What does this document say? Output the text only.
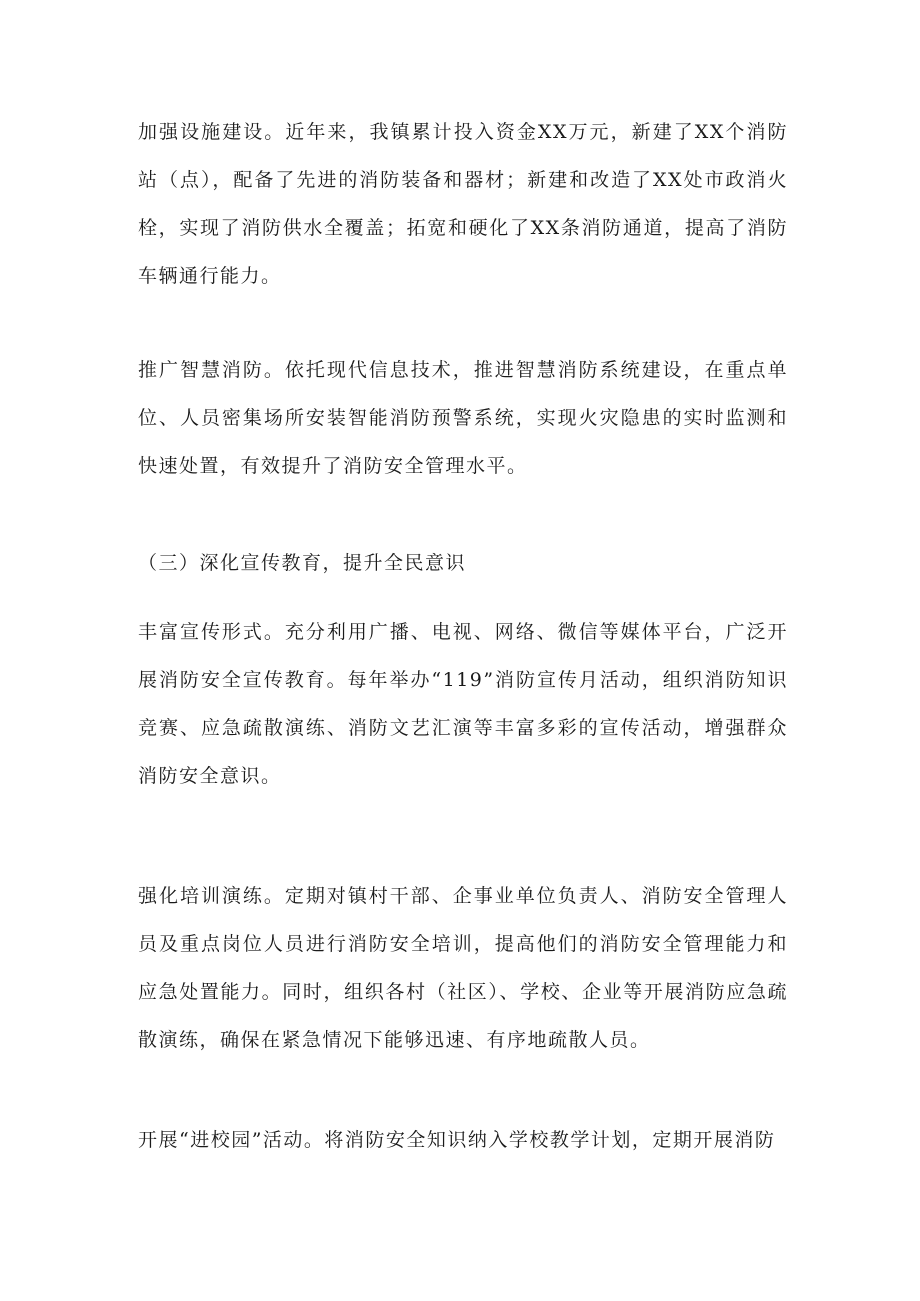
加强设施建设。近年来，我镇累计投入资金XX万元，新建了XX个消防站（点），配备了先进的消防装备和器材；新建和改造了XX处市政消火栓，实现了消防供水全覆盖；拓宽和硬化了XX条消防通道，提高了消防车辆通行能力。

推广智慧消防。依托现代信息技术，推进智慧消防系统建设，在重点单位、人员密集场所安装智能消防预警系统，实现火灾隐患的实时监测和快速处置，有效提升了消防安全管理水平。

（三）深化宣传教育，提升全民意识

丰富宣传形式。充分利用广播、电视、网络、微信等媒体平台，广泛开展消防安全宣传教育。每年举办“119”消防宣传月活动，组织消防知识竞赛、应急疏散演练、消防文艺汇演等丰富多彩的宣传活动，增强群众消防安全意识。

强化培训演练。定期对镇村干部、企事业单位负责人、消防安全管理人员及重点岗位人员进行消防安全培训，提高他们的消防安全管理能力和应急处置能力。同时，组织各村（社区）、学校、企业等开展消防应急疏散演练，确保在紧急情况下能够迅速、有序地疏散人员。

开展“进校园”活动。将消防安全知识纳入学校教学计划，定期开展消防
